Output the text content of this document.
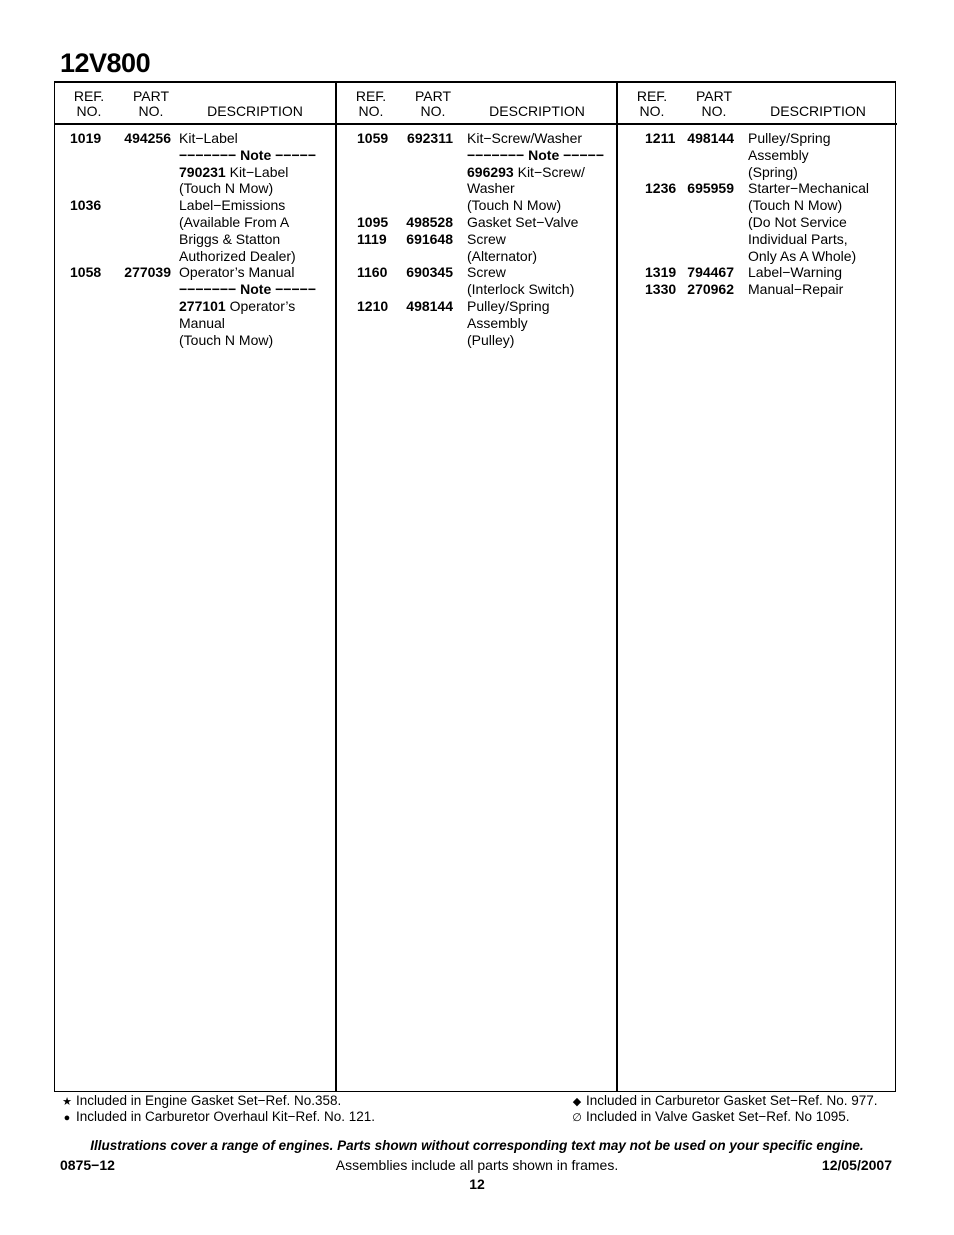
12V800
REF.
NO.
PART
NO.	DESCRIPTION
1019	494256 Kit−Label
−−−−−−− Note −−−−−
790231 Kit−Label
(Touch N Mow)
1036	Label−Emissions
(Available From A
Briggs & Statton
Authorized Dealer)
1058	277039 Operator’s Manual
−−−−−−− Note −−−−−
277101 Operator’s
Manual
(Touch N Mow)
REF.
NO.
PART
NO.	DESCRIPTION
1059	692311 Kit−Screw/Washer
−−−−−−− Note −−−−−
696293 Kit−Screw/
Washer
(Touch N Mow)
1095	498528 Gasket Set−Valve
1119	691648 Screw
(Alternator)
1160	690345 Screw
(Interlock Switch)
1210	498144 Pulley/Spring
Assembly
(Pulley)
REF.
NO.
PART
NO.	DESCRIPTION
1211 498144 Pulley/Spring
Assembly
(Spring)
1236 695959 Starter−Mechanical
(Touch N Mow)
(Do Not Service
Individual Parts,
Only As A Whole)
1319 794467 Label−Warning
1330 270962 Manual−Repair
★ Included in Engine Gasket Set−Ref. No.358.
● Included in Carburetor Overhaul Kit−Ref. No. 121.
◆ Included in Carburetor Gasket Set−Ref. No. 977.
∅ Included in Valve Gasket Set−Ref. No 1095.
Illustrations cover a range of engines. Parts shown without corresponding text may not be used on your specific engine.
0875−12	Assemblies include all parts shown in frames.	12/05/2007
12
